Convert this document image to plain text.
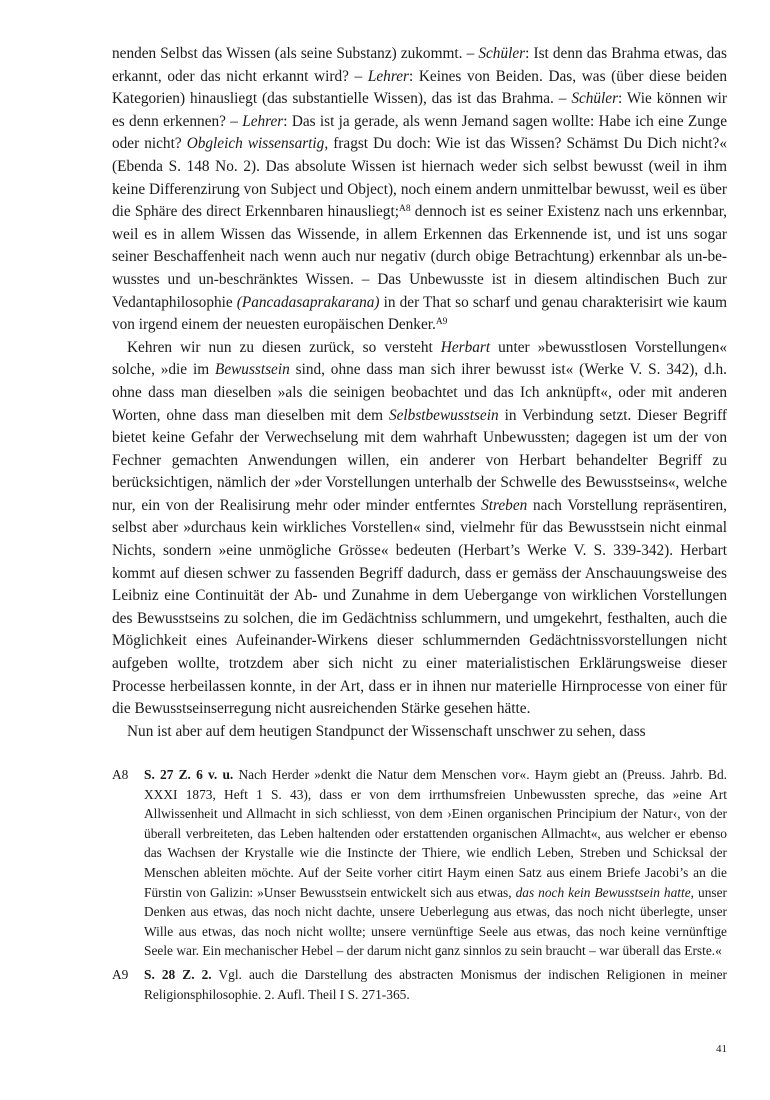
nenden Selbst das Wissen (als seine Substanz) zukommt. – Schüler: Ist denn das Brahma etwas, das erkannt, oder das nicht erkannt wird? – Lehrer: Keines von Beiden. Das, was (über diese beiden Kategorien) hinausliegt (das substantielle Wissen), das ist das Brahma. – Schüler: Wie können wir es denn erkennen? – Lehrer: Das ist ja gerade, als wenn Jemand sagen wollte: Habe ich eine Zunge oder nicht? Obgleich wissensartig, fragst Du doch: Wie ist das Wissen? Schämst Du Dich nicht?« (Ebenda S. 148 No. 2). Das absolute Wissen ist hiernach weder sich selbst bewusst (weil in ihm keine Differenzirung von Subject und Object), noch einem andern unmittelbar bewusst, weil es über die Sphäre des direct Erkennbaren hinausliegt;$^{A8}$ dennoch ist es seiner Existenz nach uns erkennbar, weil es in allem Wissen das Wissende, in allem Erkennen das Erkennende ist, und ist uns sogar seiner Beschaffenheit nach wenn auch nur negativ (durch obige Betrachtung) erkennbar als un-bewusstes und un-beschränktes Wissen. – Das Unbewusste ist in diesem altindischen Buch zur Vedantaphilosophie (Pancadasaprakarana) in der That so scharf und genau charakterisirt wie kaum von irgend einem der neuesten europäischen Denker.$^{A9}$

Kehren wir nun zu diesen zurück, so versteht Herbart unter »bewusstlosen Vorstellungen« solche, »die im Bewusstsein sind, ohne dass man sich ihrer bewusst ist« (Werke V. S. 342), d.h. ohne dass man dieselben »als die seinigen beobachtet und das Ich anknüpft«, oder mit anderen Worten, ohne dass man dieselben mit dem Selbstbewusstsein in Verbindung setzt. Dieser Begriff bietet keine Gefahr der Verwechselung mit dem wahrhaft Unbewussten; dagegen ist um der von Fechner gemachten Anwendungen willen, ein anderer von Herbart behandelter Begriff zu berücksichtigen, nämlich der »der Vorstellungen unterhalb der Schwelle des Bewusstseins«, welche nur, ein von der Realisirung mehr oder minder entferntes Streben nach Vorstellung repräsentiren, selbst aber »durchaus kein wirkliches Vorstellen« sind, vielmehr für das Bewusstsein nicht einmal Nichts, sondern »eine unmögliche Grösse« bedeuten (Herbart’s Werke V. S. 339-342). Herbart kommt auf diesen schwer zu fassenden Begriff dadurch, dass er gemäss der Anschauungsweise des Leibniz eine Continuität der Ab- und Zunahme in dem Uebergange von wirklichen Vorstellungen des Bewusstseins zu solchen, die im Gedächtniss schlummern, und umgekehrt, festhalten, auch die Möglichkeit eines Aufeinander-Wirkens dieser schlummernden Gedächtnissvorstellungen nicht aufgeben wollte, trotzdem aber sich nicht zu einer materialistischen Erklärungsweise dieser Processe herbeilassen konnte, in der Art, dass er in ihnen nur materielle Hirnprocesse von einer für die Bewusstseinserregung nicht ausreichenden Stärke gesehen hätte.

Nun ist aber auf dem heutigen Standpunct der Wissenschaft unschwer zu sehen, dass

A8 S. 27 Z. 6 v. u. Nach Herder »denkt die Natur dem Menschen vor«. Haym giebt an (Preuss. Jahrb. Bd. XXXI 1873, Heft 1 S. 43), dass er von dem irrthumsfreien Unbewussten spreche, das »eine Art Allwissenheit und Allmacht in sich schliesst, von dem ›Einen organischen Principium der Natur‹, von der überall verbreiteten, das Leben haltenden oder erstattenden organischen Allmacht«, aus welcher er ebenso das Wachsen der Krystalle wie die Instincte der Thiere, wie endlich Leben, Streben und Schicksal der Menschen ableiten möchte. Auf der Seite vorher citirt Haym einen Satz aus einem Briefe Jacobi’s an die Fürstin von Galizin: »Unser Bewusstsein entwickelt sich aus etwas, das noch kein Bewusstsein hatte, unser Denken aus etwas, das noch nicht dachte, unsere Ueberlegung aus etwas, das noch nicht überlegte, unser Wille aus etwas, das noch nicht wollte; unsere vernünftige Seele aus etwas, das noch keine vernünftige Seele war. Ein mechanischer Hebel – der darum nicht ganz sinnlos zu sein braucht – war überall das Erste.«
A9 S. 28 Z. 2. Vgl. auch die Darstellung des abstracten Monismus der indischen Religionen in meiner Religionsphilosophie. 2. Aufl. Theil I S. 271-365.
41
